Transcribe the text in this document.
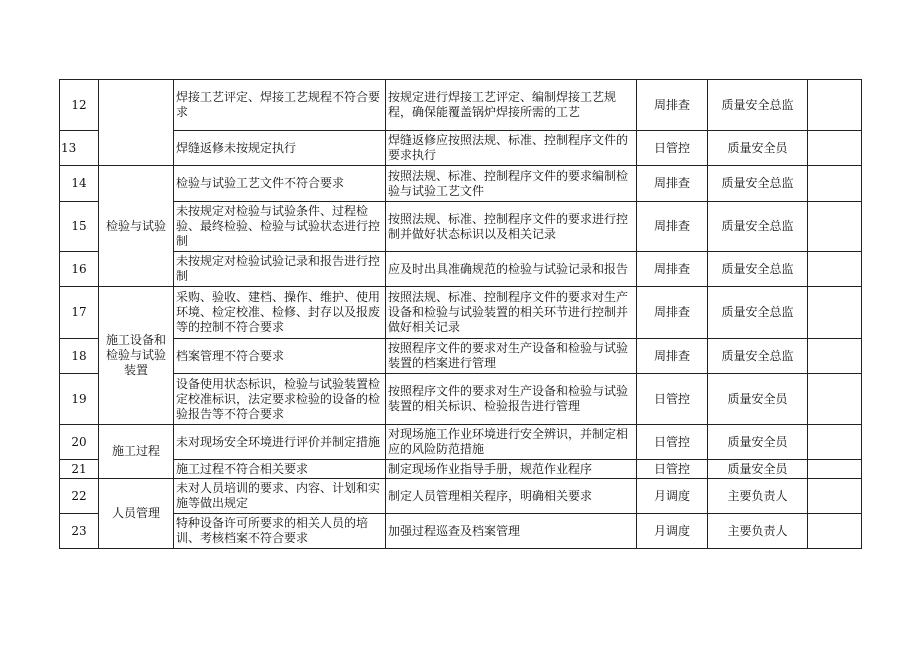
12		焊接工艺评定、焊接工艺规程不符合要求	按规定进行焊接工艺评定、编制焊接工艺规程，确保能覆盖锅炉焊接所需的工艺	周排查	质量安全总监	
13		焊缝返修未按规定执行	焊缝返修应按照法规、标准、控制程序文件的要求执行	日管控	质量安全员	
14	检验与试验	检验与试验工艺文件不符合要求	按照法规、标准、控制程序文件的要求编制检验与试验工艺文件	周排查	质量安全总监	
15		未按规定对检验与试验条件、过程检验、最终检验、检验与试验状态进行控制	按照法规、标准、控制程序文件的要求进行控制并做好状态标识以及相关记录	周排查	质量安全总监	
16		未按规定对检验试验记录和报告进行控制	应及时出具准确规范的检验与试验记录和报告	周排查	质量安全总监	
17	施工设备和检验与试验装置	采购、验收、建档、操作、维护、使用环境、检定校准、检修、封存以及报废等的控制不符合要求	按照法规、标准、控制程序文件的要求对生产设备和检验与试验装置的相关环节进行控制并做好相关记录	周排查	质量安全总监	
18		档案管理不符合要求	按照程序文件的要求对生产设备和检验与试验装置的档案进行管理	周排查	质量安全总监	
19		设备使用状态标识，检验与试验装置检定校准标识，法定要求检验的设备的检验报告等不符合要求	按照程序文件的要求对生产设备和检验与试验装置的相关标识、检验报告进行管理	日管控	质量安全员	
20	施工过程	未对现场安全环境进行评价并制定措施	对现场施工作业环境进行安全辨识，并制定相应的风险防范措施	日管控	质量安全员	
21		施工过程不符合相关要求	制定现场作业指导手册，规范作业程序	日管控	质量安全员	
22	人员管理	未对人员培训的要求、内容、计划和实施等做出规定	制定人员管理相关程序，明确相关要求	月调度	主要负责人	
23		特种设备许可所要求的相关人员的培训、考核档案不符合要求	加强过程巡查及档案管理	月调度	主要负责人	
